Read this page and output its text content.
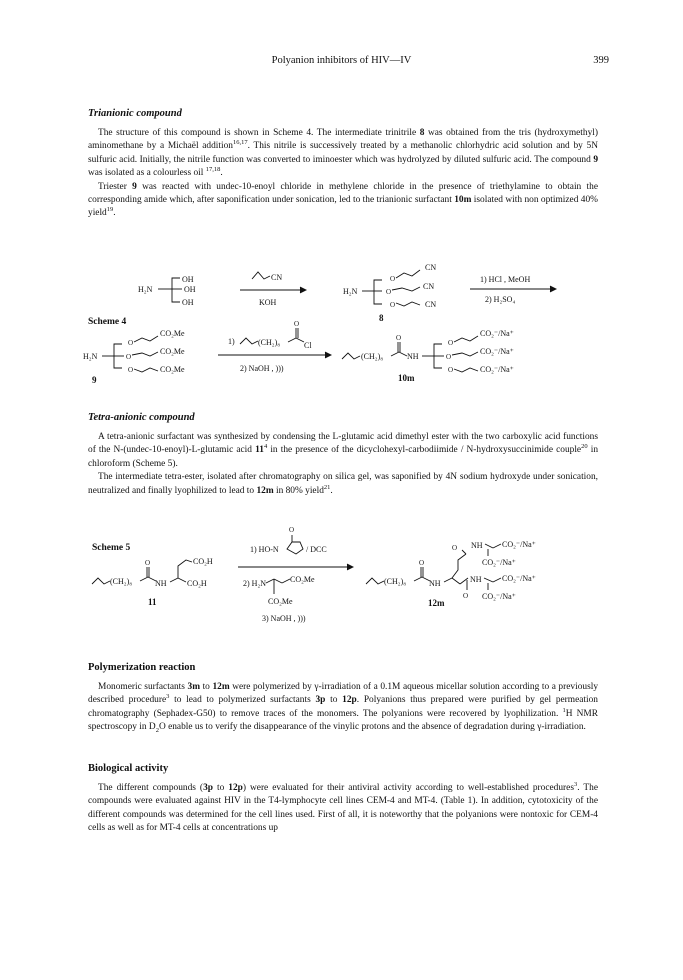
Polyanion inhibitors of HIV—IV	399
Trianionic compound

The structure of this compound is shown in Scheme 4. The intermediate trinitrile 8 was obtained from the tris (hydroxymethyl) aminomethane by a Michaël addition$^{16,17}$. This nitrile is successively treated by a methanolic chlorhydric acid solution and by 5N sulfuric acid. Initially, the nitrile function was converted to iminoester which was hydrolyzed by diluted sulfuric acid. The compound 9 was isolated as a colourless oil $^{17,18}$.

Triester 9 was reacted with undec-10-enoyl chloride in methylene chloride in the presence of triethylamine to obtain the corresponding amide which, after saponification under sonication, led to the trianionic surfactant 10m isolated with non optimized 40% yield$^{19}$.

Scheme 4
H₂N
OH
OH
OH
CN
KOH
H₂N
O
O
O
CN
CN
CN
8
1) HCl , MeOH
2) H₂SO₄
H₂N
O
O
O
CO₂Me
CO₂Me
CO₂Me
9
1)	(CH₂)₈
O
Cl
2) NaOH , )))
(CH₂)₈
O
NH
O
O
O
CO₂⁻/Na⁺
CO₂⁻/Na⁺
CO₂⁻/Na⁺
10m
Tetra-anionic compound

A tetra-anionic surfactant was synthesized by condensing the L-glutamic acid dimethyl ester with the two carboxylic acid functions of the N-(undec-10-enoyl)-L-glutamic acid $11^4$ in the presence of the dicyclohexyl-carbodiimide / N-hydroxysuccinimide couple$^{20}$ in chloroform (Scheme 5).

The intermediate tetra-ester, isolated after chromatography on silica gel, was saponified by 4N sodium hydroxyde under sonication, neutralized and finally lyophilized to lead to 12m in 80% yield$^{21}$.

Scheme 5
(CH₂)₈
O
NH	CO₂H
CO₂H
11
1) HO-N
O
/ DCC
2) H₂N	CO₂Me
CO₂Me
3) NaOH , )))
(CH₂)₈
O
NH
O NH CO₂⁻/Na⁺
CO₂⁻/Na⁺
NH	CO₂⁻/Na⁺
CO₂⁻/Na⁺
O
12m
Polymerization reaction

Monomeric surfactants 3m to 12m were polymerized by γ-irradiation of a 0.1M aqueous micellar solution according to a previously described procedure$^3$ to lead to polymerized surfactants 3p to 12p. Polyanions thus prepared were purified by gel permeation chromatography (Sephadex-G50) to remove traces of the monomers. The polyanions were recovered by lyophilization. $^1$H NMR spectroscopy in $D_2O$ enable us to verify the disappearance of the vinylic protons and the absence of degradation during γ-irradiation.

Biological activity

The different compounds (3p to 12p) were evaluated for their antiviral activity according to well-established procedures$^3$. The compounds were evaluated against HIV in the T4-lymphocyte cell lines CEM-4 and MT-4. (Table 1). In addition, cytotoxicity of the different compounds was determined for the cell lines used. First of all, it is noteworthy that the polyanions were nontoxic for CEM-4 cells as well as for MT-4 cells at concentrations up
